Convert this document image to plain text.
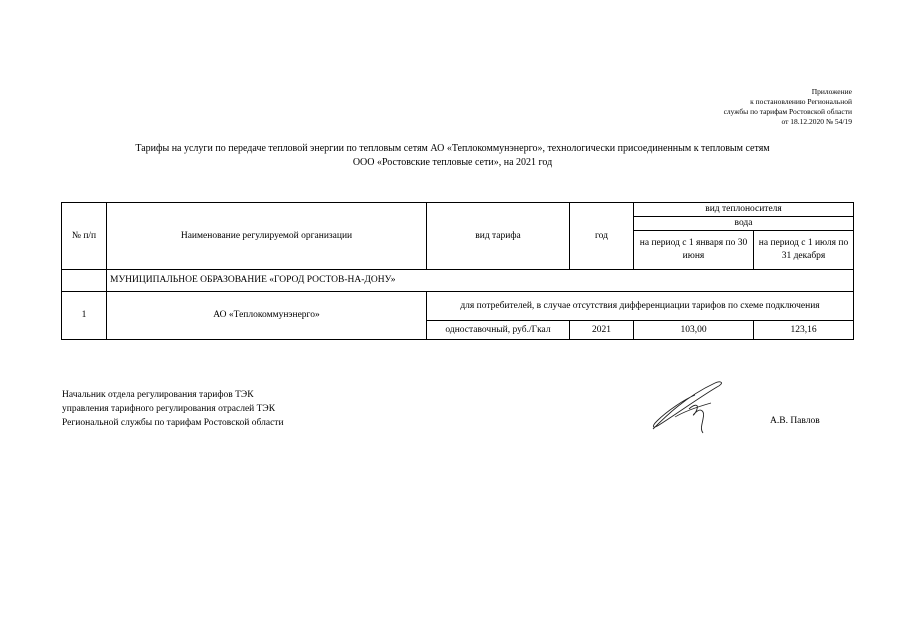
Приложение
к постановлению Региональной
службы по тарифам Ростовской области
от 18.12.2020 № 54/19
Тарифы на услуги по передаче тепловой энергии по тепловым сетям АО «Теплокоммунэнерго», технологически присоединенным к тепловым сетям
ООО «Ростовские тепловые сети», на 2021 год
№ п/п	Наименование регулируемой организации	вид тарифа	год	вид теплоносителя	
				вода	
				на период с 1 января по 30 июня	на период с 1 июля по 31 декабря
	МУНИЦИПАЛЬНОЕ ОБРАЗОВАНИЕ «ГОРОД РОСТОВ-НА-ДОНУ»				
1	АО «Теплокоммунэнерго»	для потребителей, в случае отсутствия дифференциации тарифов по схеме подключения			
		одноставочный, руб./Гкал	2021	103,00	123,16
Начальник отдела регулирования тарифов ТЭК
управления тарифного регулирования отраслей ТЭК
Региональной службы по тарифам Ростовской области	А.В. Павлов
